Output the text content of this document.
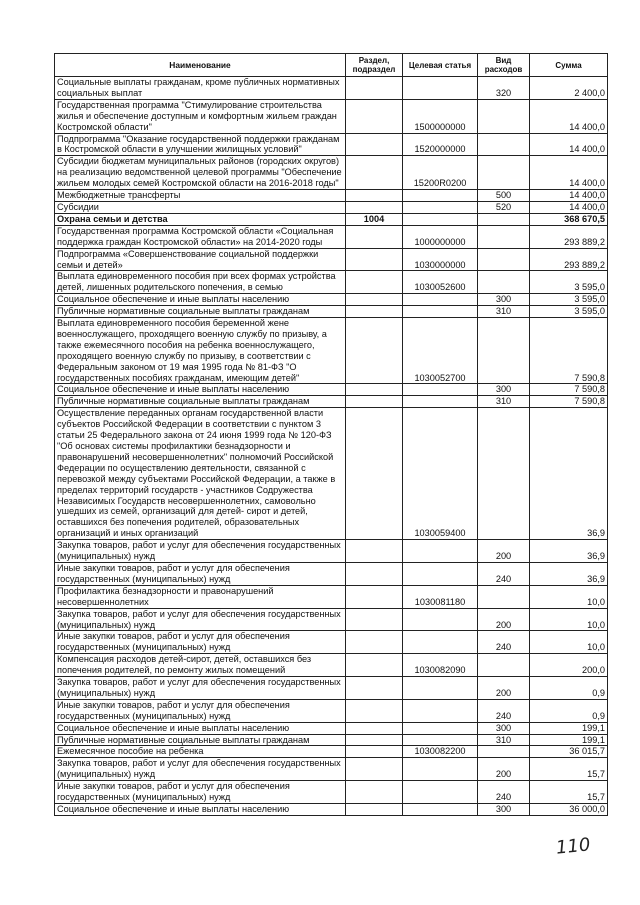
Наименование	Раздел, подраздел	Целевая статья	Вид расходов	Сумма
Социальные выплаты гражданам, кроме публичных нормативных социальных выплат			320	2 400,0
Государственная программа "Стимулирование строительства жилья и обеспечение доступным и комфортным жильем граждан Костромской области"		1500000000		14 400,0
Подпрограмма "Оказание государственной поддержки гражданам в Костромской области в улучшении жилищных условий"		1520000000		14 400,0
Субсидии бюджетам муниципальных районов (городских округов) на реализацию ведомственной целевой программы "Обеспечение жильем молодых семей Костромской области на 2016-2018 годы"		15200R0200		14 400,0
Межбюджетные трансферты			500	14 400,0
Субсидии			520	14 400,0
Охрана семьи и детства	1004			368 670,5
Государственная программа Костромской области «Социальная поддержка граждан Костромской области» на 2014-2020 годы		1000000000		293 889,2
Подпрограмма «Совершенствование социальной поддержки семьи и детей»		1030000000		293 889,2
Выплата единовременного пособия при всех формах устройства детей, лишенных родительского попечения, в семью		1030052600		3 595,0
Социальное обеспечение и иные выплаты населению			300	3 595,0
Публичные нормативные социальные выплаты гражданам			310	3 595,0
Выплата единовременного пособия беременной жене военнослужащего, проходящего военную службу по призыву, а также ежемесячного пособия на ребенка военнослужащего, проходящего военную службу по призыву, в соответствии с Федеральным законом от 19 мая 1995 года № 81-ФЗ "О государственных пособиях гражданам, имеющим детей"		1030052700		7 590,8
Социальное обеспечение и иные выплаты населению			300	7 590,8
Публичные нормативные социальные выплаты гражданам			310	7 590,8
Осуществление переданных органам государственной власти субъектов Российской Федерации в соответствии с пунктом 3 статьи 25 Федерального закона от 24 июня 1999 года № 120-ФЗ "Об основах системы профилактики безнадзорности и правонарушений несовершеннолетних" полномочий Российской Федерации по осуществлению деятельности, связанной с перевозкой между субъектами Российской Федерации, а также в пределах территорий государств - участников Содружества Независимых Государств несовершеннолетних, самовольно ушедших из семей, организаций для детей- сирот и детей, оставшихся без попечения родителей, образовательных организаций и иных организаций		1030059400		36,9
Закупка товаров, работ и услуг для обеспечения государственных (муниципальных) нужд			200	36,9
Иные закупки товаров, работ и услуг для обеспечения государственных (муниципальных) нужд			240	36,9
Профилактика безнадзорности и правонарушений несовершеннолетних		1030081180		10,0
Закупка товаров, работ и услуг для обеспечения государственных (муниципальных) нужд			200	10,0
Иные закупки товаров, работ и услуг для обеспечения государственных (муниципальных) нужд			240	10,0
Компенсация расходов детей-сирот, детей, оставшихся без попечения родителей, по ремонту жилых помещений		1030082090		200,0
Закупка товаров, работ и услуг для обеспечения государственных (муниципальных) нужд			200	0,9
Иные закупки товаров, работ и услуг для обеспечения государственных (муниципальных) нужд			240	0,9
Социальное обеспечение и иные выплаты населению			300	199,1
Публичные нормативные социальные выплаты гражданам			310	199,1
Ежемесячное пособие на ребенка		1030082200		36 015,7
Закупка товаров, работ и услуг для обеспечения государственных (муниципальных) нужд			200	15,7
Иные закупки товаров, работ и услуг для обеспечения государственных (муниципальных) нужд			240	15,7
Социальное обеспечение и иные выплаты населению			300	36 000,0
110
